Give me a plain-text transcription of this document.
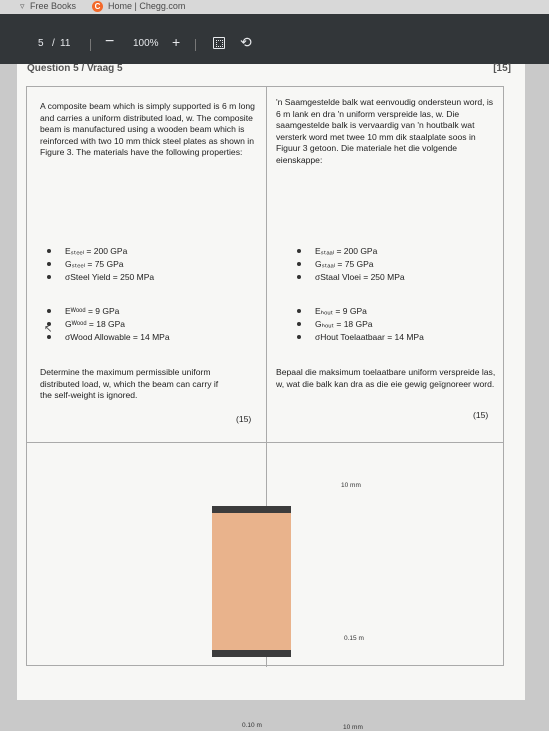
▿ Free Books	C Home | Chegg.com
5 / 11 − 100% +	⟲
Question 5 / Vraag 5	[15]
A composite beam which is simply supported is 6 m long and carries a uniform distributed load, w. The composite beam is manufactured using a wooden beam which is reinforced with two 10 mm thick steel plates as shown in Figure 3. The materials have the following properties:
'n Saamgestelde balk wat eenvoudig ondersteun word, is 6 m lank en dra 'n uniform verspreide las, w. Die saamgestelde balk is vervaardig van 'n houtbalk wat versterk word met twee 10 mm dik staalplate soos in Figuur 3 getoon. Die materiale het die volgende eienskappe:
Eₛₜₑₑₗ = 200 GPa
Gₛₜₑₑₗ = 75 GPa
σSteel Yield = 250 MPa
Eᵂᵒᵒᵈ = 9 GPa
Gᵂᵒᵒᵈ = 18 GPa
σWood Allowable = 14 MPa
Eₛₜₐₐₗ = 200 GPa
Gₛₜₐₐₗ = 75 GPa
σStaal Vloei = 250 MPa
Eₕₒᵤₜ = 9 GPa
Gₕₒᵤₜ = 18 GPa
σHout Toelaatbaar = 14 MPa
Determine the maximum permissible uniform distributed load, w, which the beam can carry if the self-weight is ignored.
(15)
Bepaal die maksimum toelaatbare uniform verspreide las, w, wat die balk kan dra as die eie gewig geïgnoreer word.
(15)
10 mm
0.15 m
10 mm
0.10 m
↖
